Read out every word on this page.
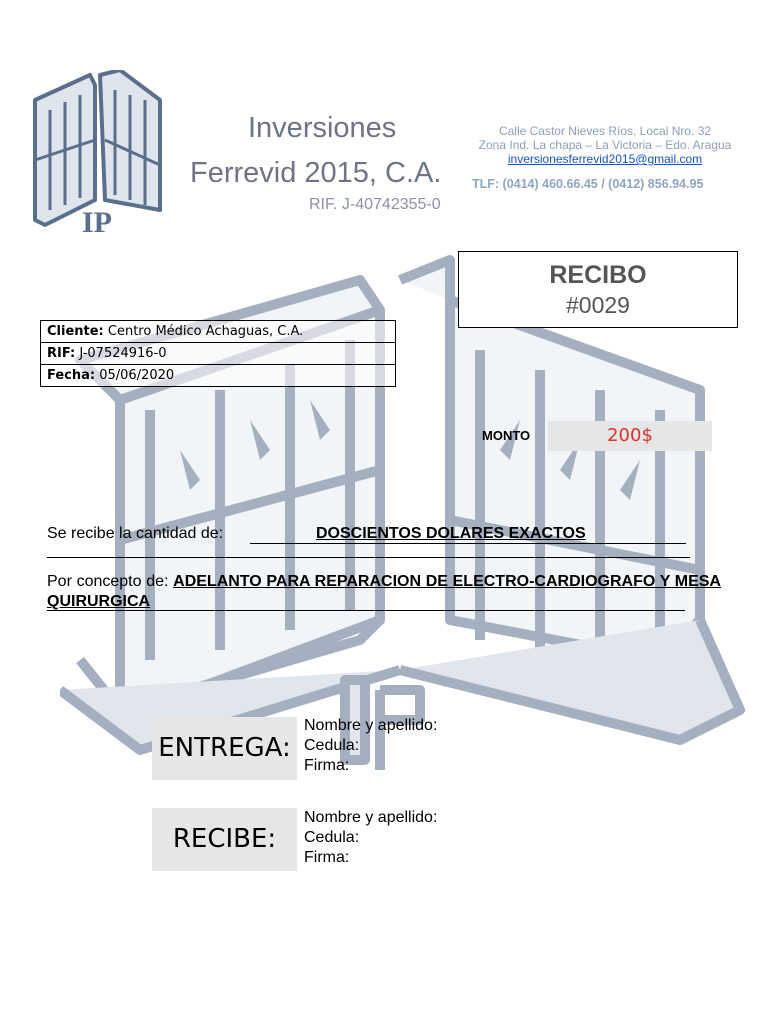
IP
Inversiones
Ferrevid 2015, C.A.
RIF. J-40742355-0
Calle Castor Nieves Ríos, Local Nro. 32
Zona Ind. La chapa – La Victoria – Edo. Aragua
inversionesferrevid2015@gmail.com
TLF: (0414) 460.66.45 / (0412) 856.94.95
RECIBO
#0029
Cliente: Centro Médico Achaguas, C.A.
RIF: J-07524916-0
Fecha: 05/06/2020
MONTO	200$
Se recibe la cantidad de:	DOSCIENTOS DOLARES EXACTOS
Por concepto de: ADELANTO PARA REPARACION DE ELECTRO-CARDIOGRAFO Y MESA QUIRURGICA
ENTREGA:
Nombre y apellido:
Cedula:
Firma:
RECIBE:
Nombre y apellido:
Cedula:
Firma:
